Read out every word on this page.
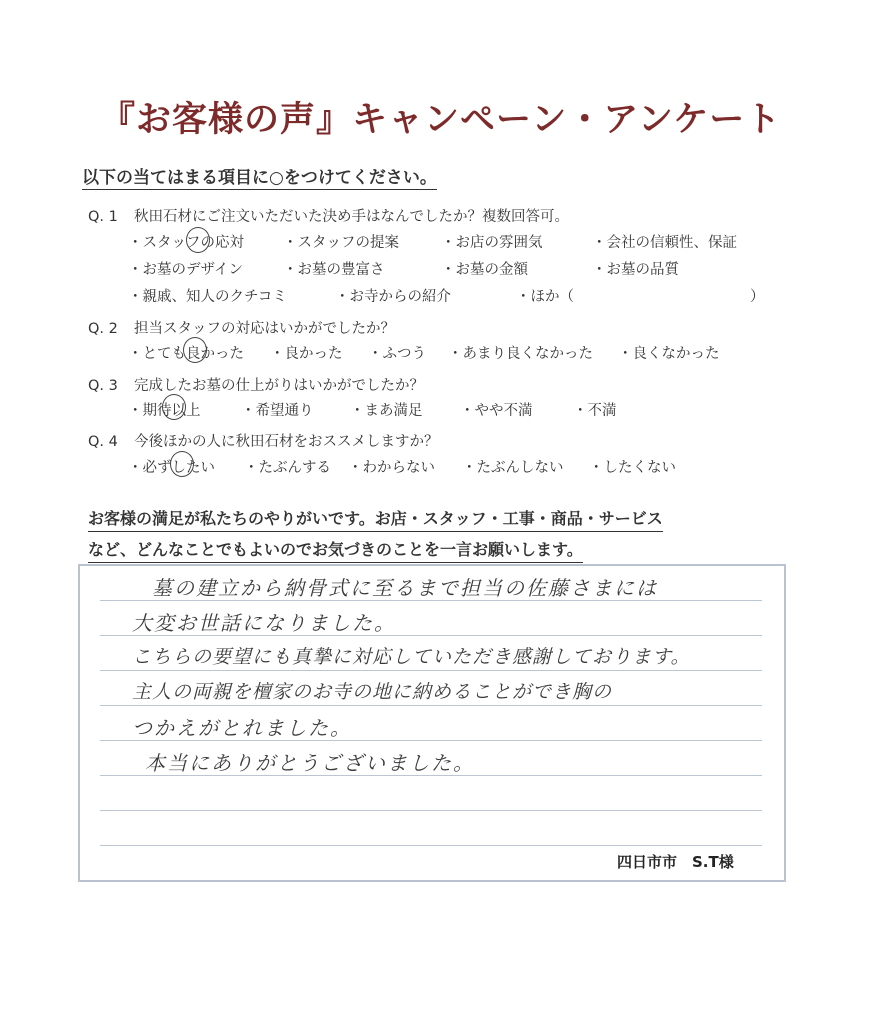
『お客様の声』キャンペーン・アンケート
以下の当てはまる項目に○をつけてください。
Q. 1 秋田石材にご注文いただいた決め手はなんでしたか？複数回答可。
・スタッフの応対	・スタッフの提案	・お店の雰囲気	・会社の信頼性、保証
・お墓のデザイン	・お墓の豊富さ	・お墓の金額	・お墓の品質
・親戚、知人のクチコミ	・お寺からの紹介	・ほか（	）
Q. 2 担当スタッフの対応はいかがでしたか？
・とても良かった ・良かった ・ふつう ・あまり良くなかった ・良くなかった
Q. 3 完成したお墓の仕上がりはいかがでしたか？
・期待以上	・希望通り	・まあ満足	・やや不満	・不満
Q. 4 今後ほかの人に秋田石材をおススメしますか？
・必ずしたい ・たぶんする ・わからない ・たぶんしない ・したくない
お客様の満足が私たちのやりがいです。お店・スタッフ・工事・商品・サービス
など、どんなことでもよいのでお気づきのことを一言お願いします。
墓の建立から納骨式に至るまで担当の佐藤さまには
大変お世話になりました。
こちらの要望にも真摯に対応していただき感謝しております。
主人の両親を檀家のお寺の地に納めることができ胸の
つかえがとれました。
本当にありがとうございました。
四日市市　S.T様
